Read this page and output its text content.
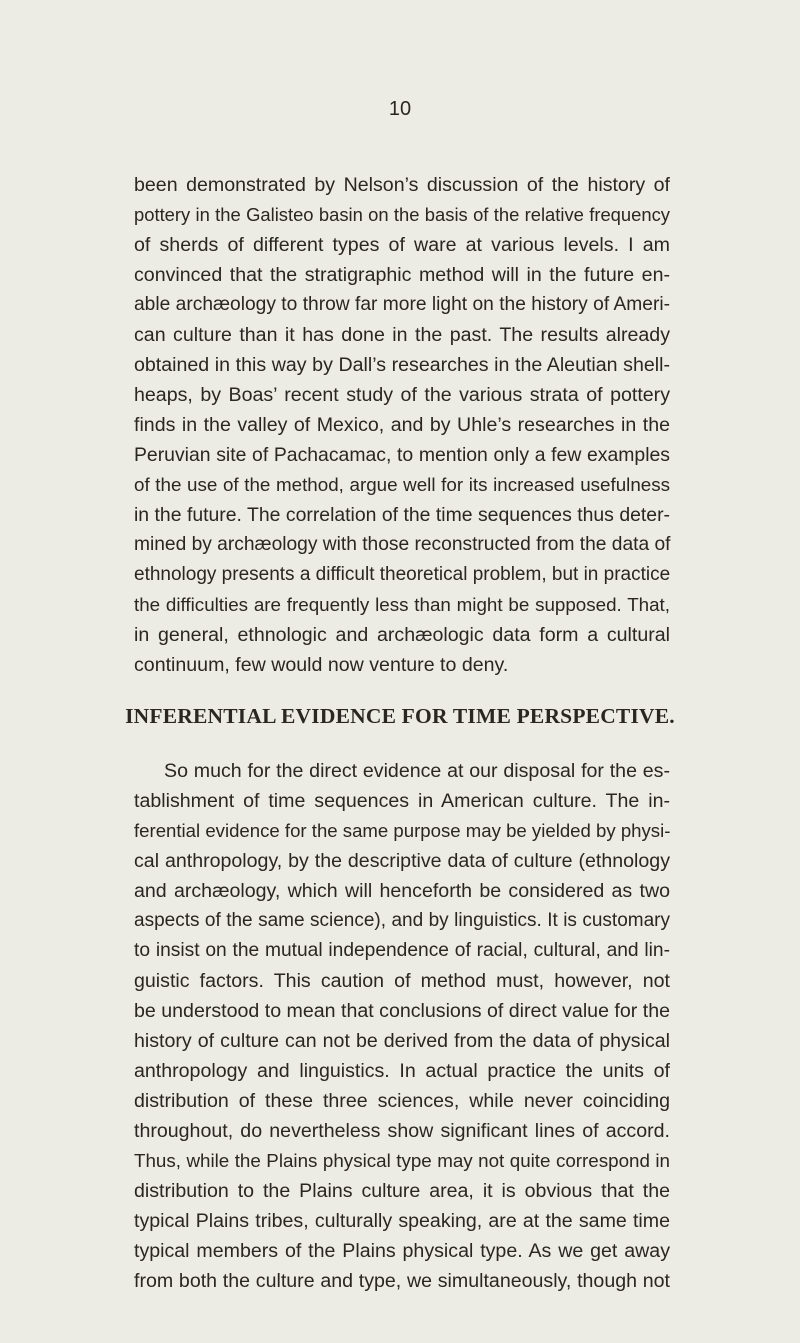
10
been demonstrated by Nelson’s discussion of the history of
pottery in the Galisteo basin on the basis of the relative frequency
of sherds of different types of ware at various levels. I am
convinced that the stratigraphic method will in the future en-
able archæology to throw far more light on the history of Ameri-
can culture than it has done in the past. The results already
obtained in this way by Dall’s researches in the Aleutian shell-
heaps, by Boas’ recent study of the various strata of pottery
finds in the valley of Mexico, and by Uhle’s researches in the
Peruvian site of Pachacamac, to mention only a few examples
of the use of the method, argue well for its increased usefulness
in the future. The correlation of the time sequences thus deter-
mined by archæology with those reconstructed from the data of
ethnology presents a difficult theoretical problem, but in practice
the difficulties are frequently less than might be supposed. That,
in general, ethnologic and archæologic data form a cultural
continuum, few would now venture to deny.
INFERENTIAL EVIDENCE FOR TIME PERSPECTIVE.
So much for the direct evidence at our disposal for the es-
tablishment of time sequences in American culture. The in-
ferential evidence for the same purpose may be yielded by physi-
cal anthropology, by the descriptive data of culture (ethnology
and archæology, which will henceforth be considered as two
aspects of the same science), and by linguistics. It is customary
to insist on the mutual independence of racial, cultural, and lin-
guistic factors. This caution of method must, however, not
be understood to mean that conclusions of direct value for the
history of culture can not be derived from the data of physical
anthropology and linguistics. In actual practice the units of
distribution of these three sciences, while never coinciding
throughout, do nevertheless show significant lines of accord.
Thus, while the Plains physical type may not quite correspond in
distribution to the Plains culture area, it is obvious that the
typical Plains tribes, culturally speaking, are at the same time
typical members of the Plains physical type. As we get away
from both the culture and type, we simultaneously, though not
